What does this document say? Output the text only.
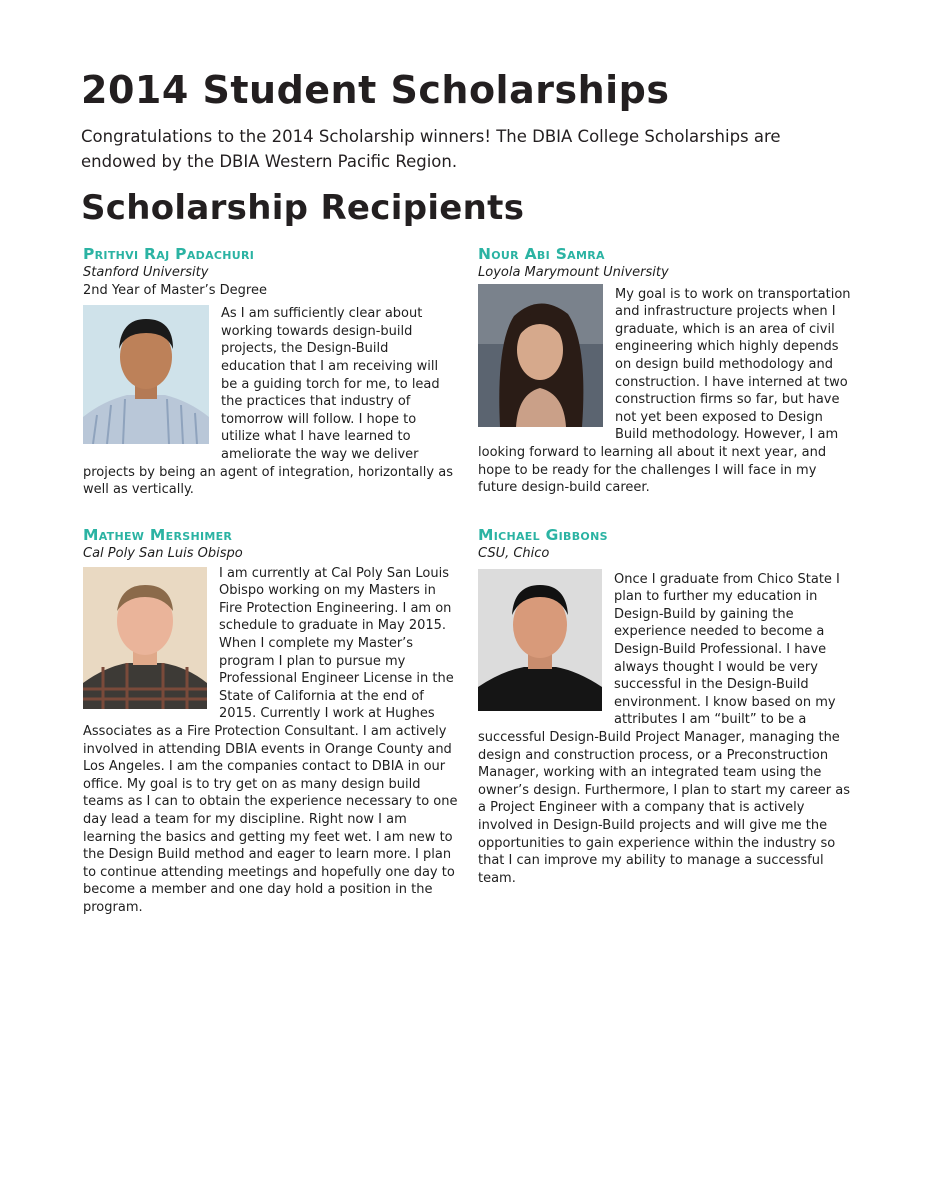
2014 Student Scholarships

Congratulations to the 2014 Scholarship winners! The DBIA College Scholarships are endowed by the DBIA Western Pacific Region.

Scholarship Recipients
Prithvi Raj Padachuri

Stanford University

2nd Year of Master’s Degree

As I am sufficiently clear about working towards design-build projects, the Design-Build education that I am receiving will be a guiding torch for me, to lead the practices that industry of tomorrow will follow. I hope to utilize what I have learned to ameliorate the way we deliver projects by being an agent of integration, horizontally as well as vertically.

Nour Abi Samra

Loyola Marymount University

My goal is to work on transportation and infrastructure projects when I graduate, which is an area of civil engineering which highly depends on design build methodology and construction. I have interned at two construction firms so far, but have not yet been exposed to Design Build methodology. However, I am looking forward to learning all about it next year, and hope to be ready for the challenges I will face in my future design-build career.

Mathew Mershimer

Cal Poly San Luis Obispo

I am currently at Cal Poly San Louis Obispo working on my Masters in Fire Protection Engineering. I am on schedule to graduate in May 2015. When I complete my Master’s program I plan to pursue my Professional Engineer License in the State of California at the end of 2015. Currently I work at Hughes Associates as a Fire Protection Consultant. I am actively involved in attending DBIA events in Orange County and Los Angeles. I am the companies contact to DBIA in our office. My goal is to try get on as many design build teams as I can to obtain the experience necessary to one day lead a team for my discipline. Right now I am learning the basics and getting my feet wet. I am new to the Design Build method and eager to learn more. I plan to continue attending meetings and hopefully one day to become a member and one day hold a position in the program.

Michael Gibbons

CSU, Chico

Once I graduate from Chico State I plan to further my education in Design-Build by gaining the experience needed to become a Design-Build Professional. I have always thought I would be very successful in the Design-Build environment. I know based on my attributes I am “built” to be a successful Design-Build Project Manager, managing the design and construction process, or a Preconstruction Manager, working with an integrated team using the owner’s design. Furthermore, I plan to start my career as a Project Engineer with a company that is actively involved in Design-Build projects and will give me the opportunities to gain experience within the industry so that I can improve my ability to manage a successful team.
